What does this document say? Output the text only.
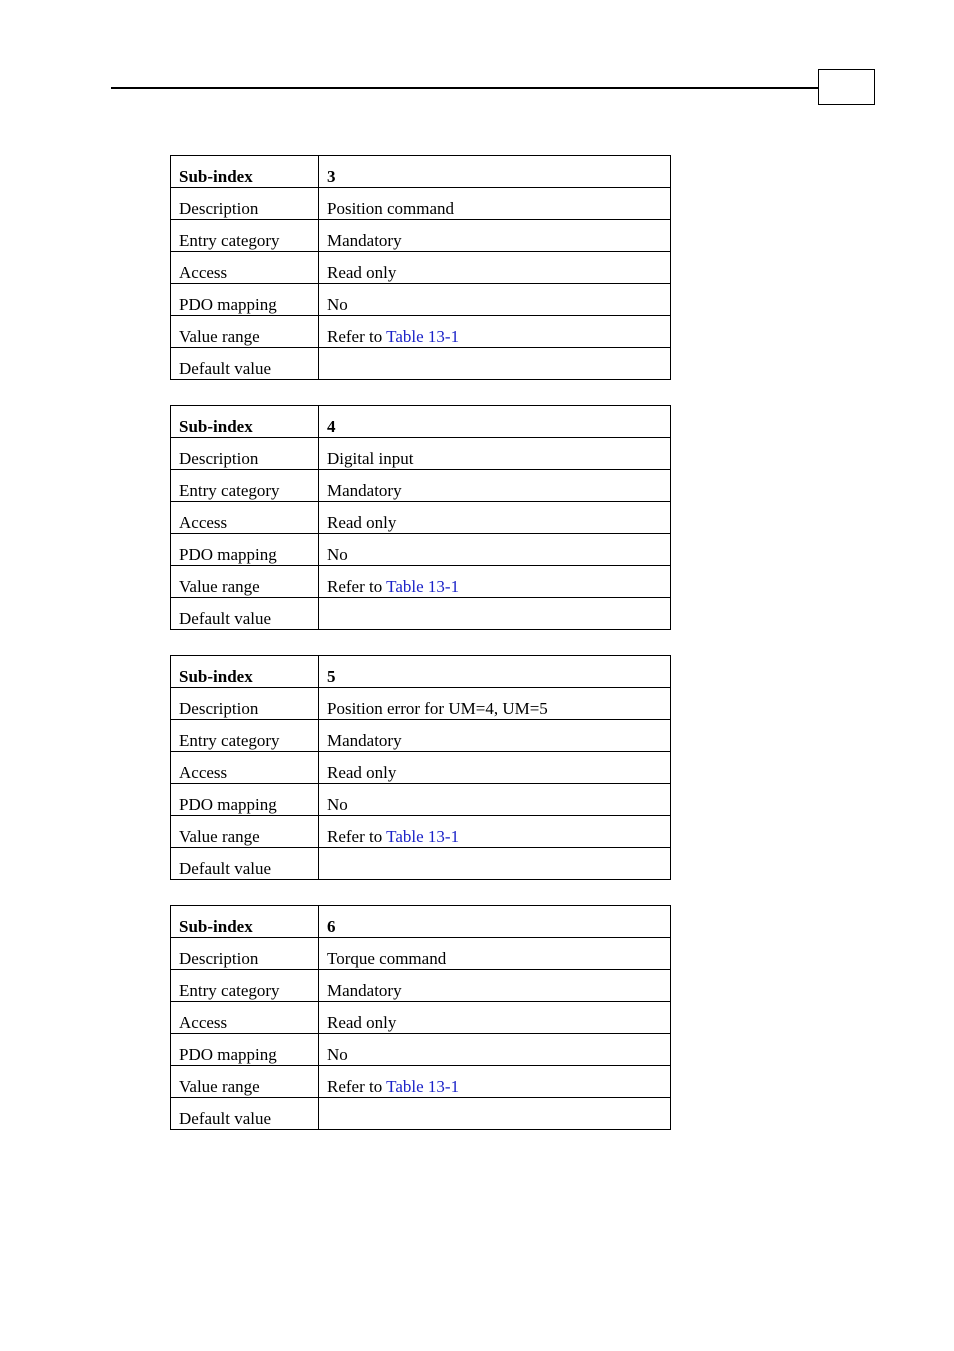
Sub-index	3
Description	Position command
Entry category	Mandatory
Access	Read only
PDO mapping	No
Value range	Refer to Table 13-1
Default value	
Sub-index	4
Description	Digital input
Entry category	Mandatory
Access	Read only
PDO mapping	No
Value range	Refer to Table 13-1
Default value	
Sub-index	5
Description	Position error for UM=4, UM=5
Entry category	Mandatory
Access	Read only
PDO mapping	No
Value range	Refer to Table 13-1
Default value	
Sub-index	6
Description	Torque command
Entry category	Mandatory
Access	Read only
PDO mapping	No
Value range	Refer to Table 13-1
Default value	
